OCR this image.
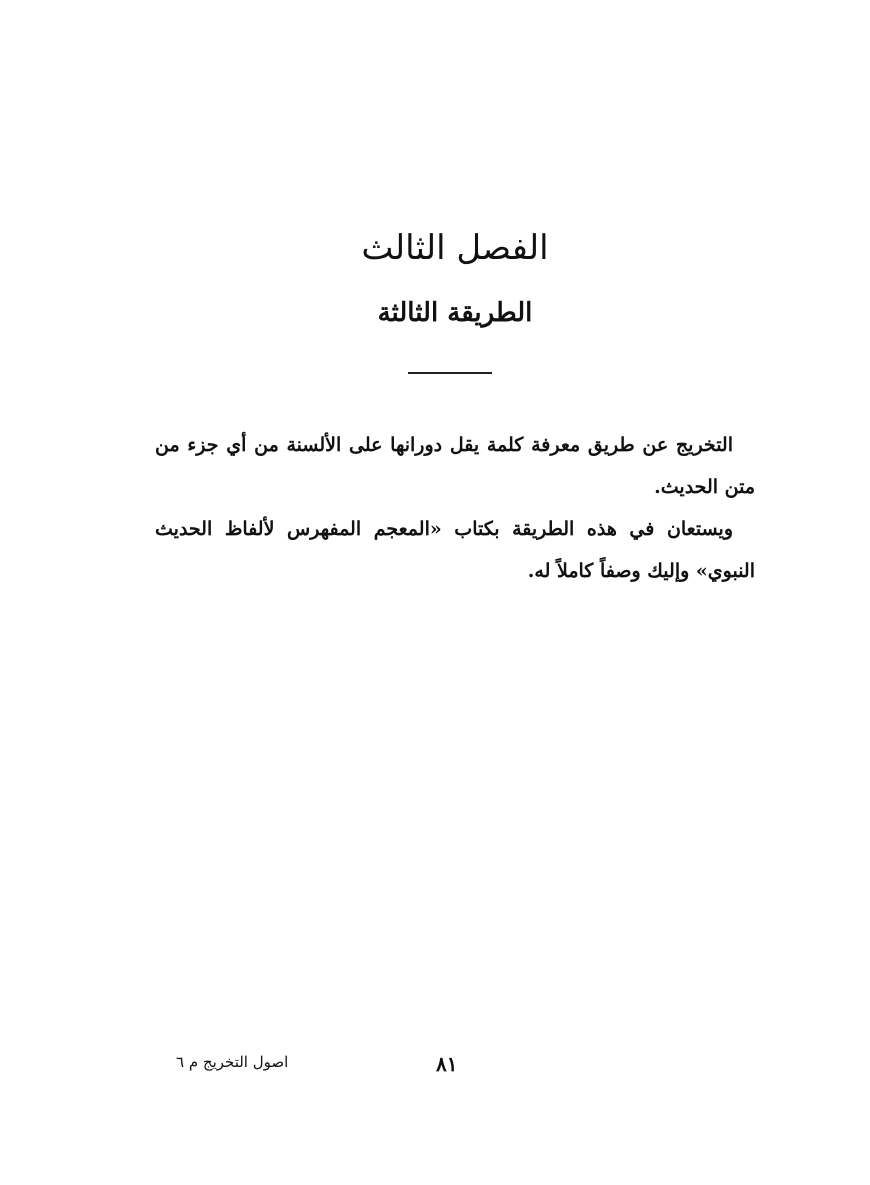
الفصل الثالث
الطريقة الثالثة

التخريج عن طريق معرفة كلمة يقل دورانها على الألسنة من أي جزء من متن الحديث.

ويستعان في هذه الطريقة بكتاب «المعجم المفهرس لألفاظ الحديث النبوي» وإليك وصفاً كاملاً له.

اصول التخريج م ٦	٨١
